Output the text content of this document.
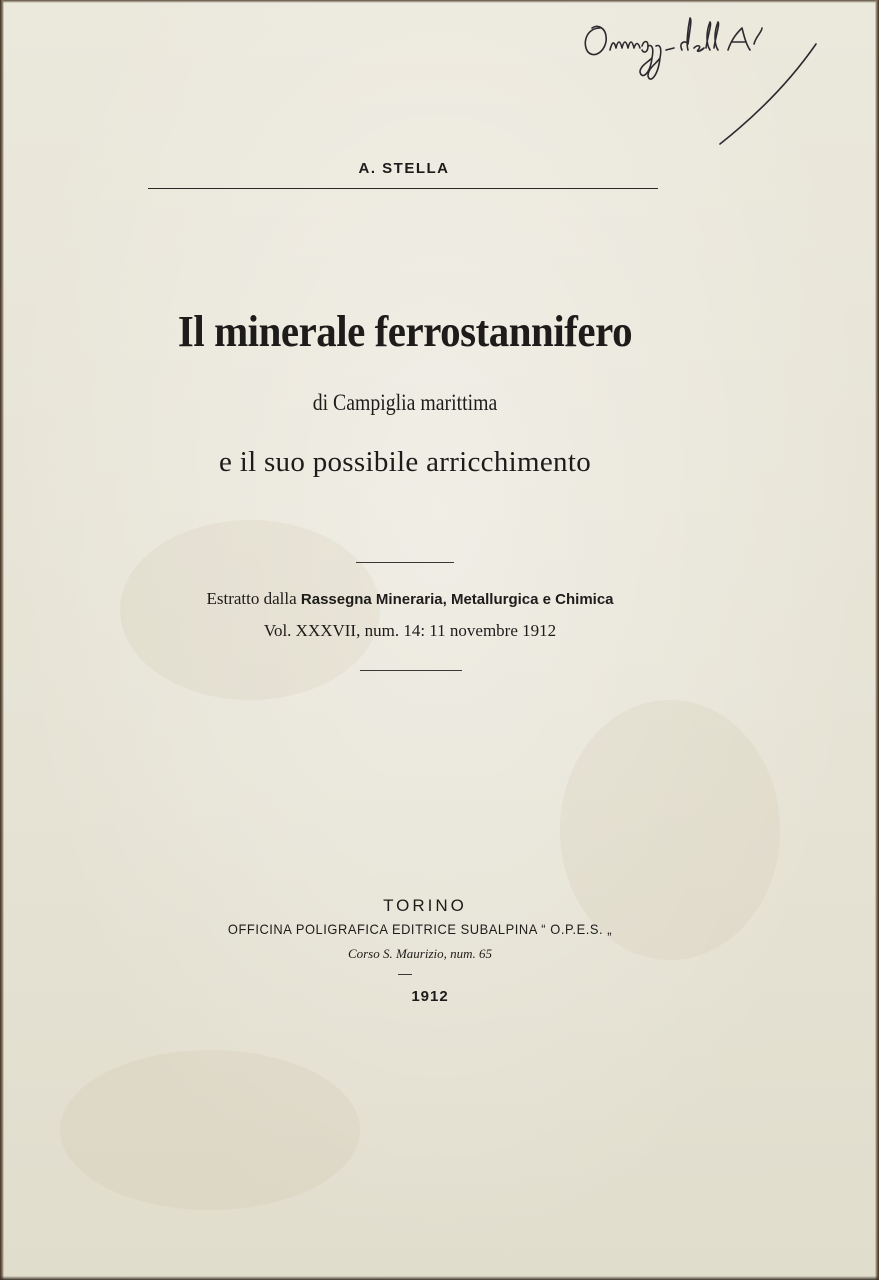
A. STELLA
Il minerale ferrostannifero
di Campiglia marittima
e il suo possibile arricchimento
Estratto dalla Rassegna Mineraria, Metallurgica e Chimica
Vol. XXXVII, num. 14: 11 novembre 1912
TORINO
OFFICINA POLIGRAFICA EDITRICE SUBALPINA “ O.P.E.S. „
Corso S. Maurizio, num. 65
1912
